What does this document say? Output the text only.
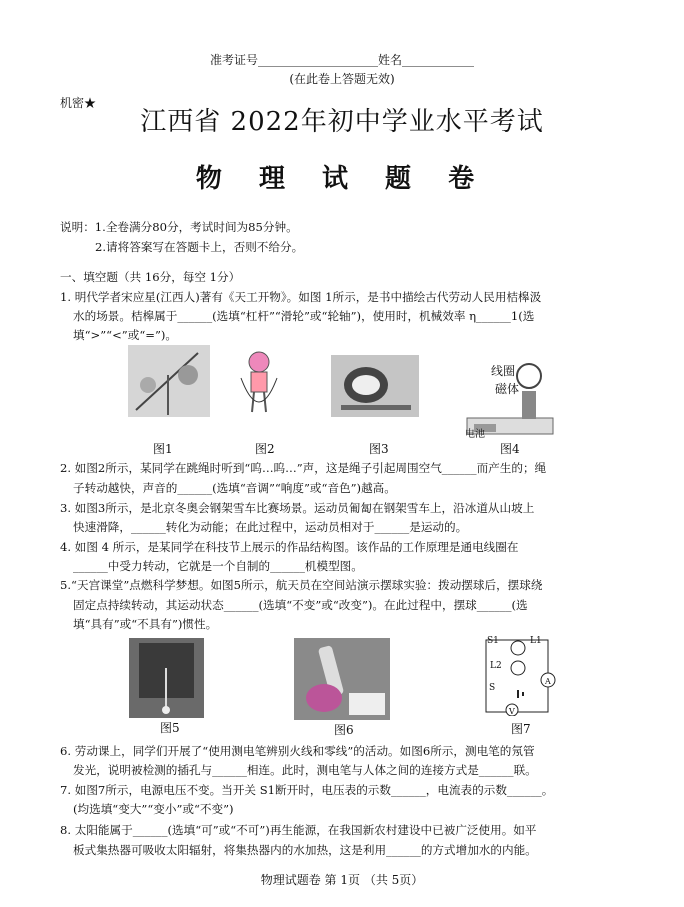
准考证号____________________姓名____________
(在此卷上答题无效)
机密★
江西省 2022年初中学业水平考试
物 理 试 题 卷
说明：1.全卷满分80分，考试时间为85分钟。
2.请将答案写在答题卡上，否则不给分。
一、填空题（共 16分，每空 1分）
1. 明代学者宋应星(江西人)著有《天工开物》。如图 1所示，是书中描绘古代劳动人民用桔槔汲
水的场景。桔槔属于______(选填“杠杆”“滑轮”或“轮轴”)，使用时，机械效率 η______1(选
填“>”“<”或“=”)。
线圈
磁体
电池
图1	图2	图3	图4
2. 如图2所示，某同学在跳绳时听到“呜…呜…”声，这是绳子引起周围空气______而产生的；绳
子转动越快，声音的______(选填“音调”“响度”或“音色”)越高。
3. 如图3所示，是北京冬奥会钢架雪车比赛场景。运动员匍匐在钢架雪车上，沿冰道从山坡上
快速滑降，______转化为动能；在此过程中，运动员相对于______是运动的。
4. 如图 4 所示，是某同学在科技节上展示的作品结构图。该作品的工作原理是通电线圈在
______中受力转动，它就是一个自制的______机模型图。
5.“天宫课堂”点燃科学梦想。如图5所示，航天员在空间站演示摆球实验：拨动摆球后，摆球绕
固定点持续转动，其运动状态______(选填“不变”或“改变”)。在此过程中，摆球______(选
填“具有”或“不具有”)惯性。
S1	L1
L2
S
A
V
图5	图6	图7
6. 劳动课上，同学们开展了“使用测电笔辨别火线和零线”的活动。如图6所示，测电笔的氖管
发光，说明被检测的插孔与______相连。此时，测电笔与人体之间的连接方式是______联。
7. 如图7所示，电源电压不变。当开关 S1断开时，电压表的示数______，电流表的示数______。
(均选填“变大”“变小”或“不变”)
8. 太阳能属于______(选填“可”或“不可”)再生能源，在我国新农村建设中已被广泛使用。如平
板式集热器可吸收太阳辐射，将集热器内的水加热，这是利用______的方式增加水的内能。
物理试题卷 第 1页 （共 5页）
